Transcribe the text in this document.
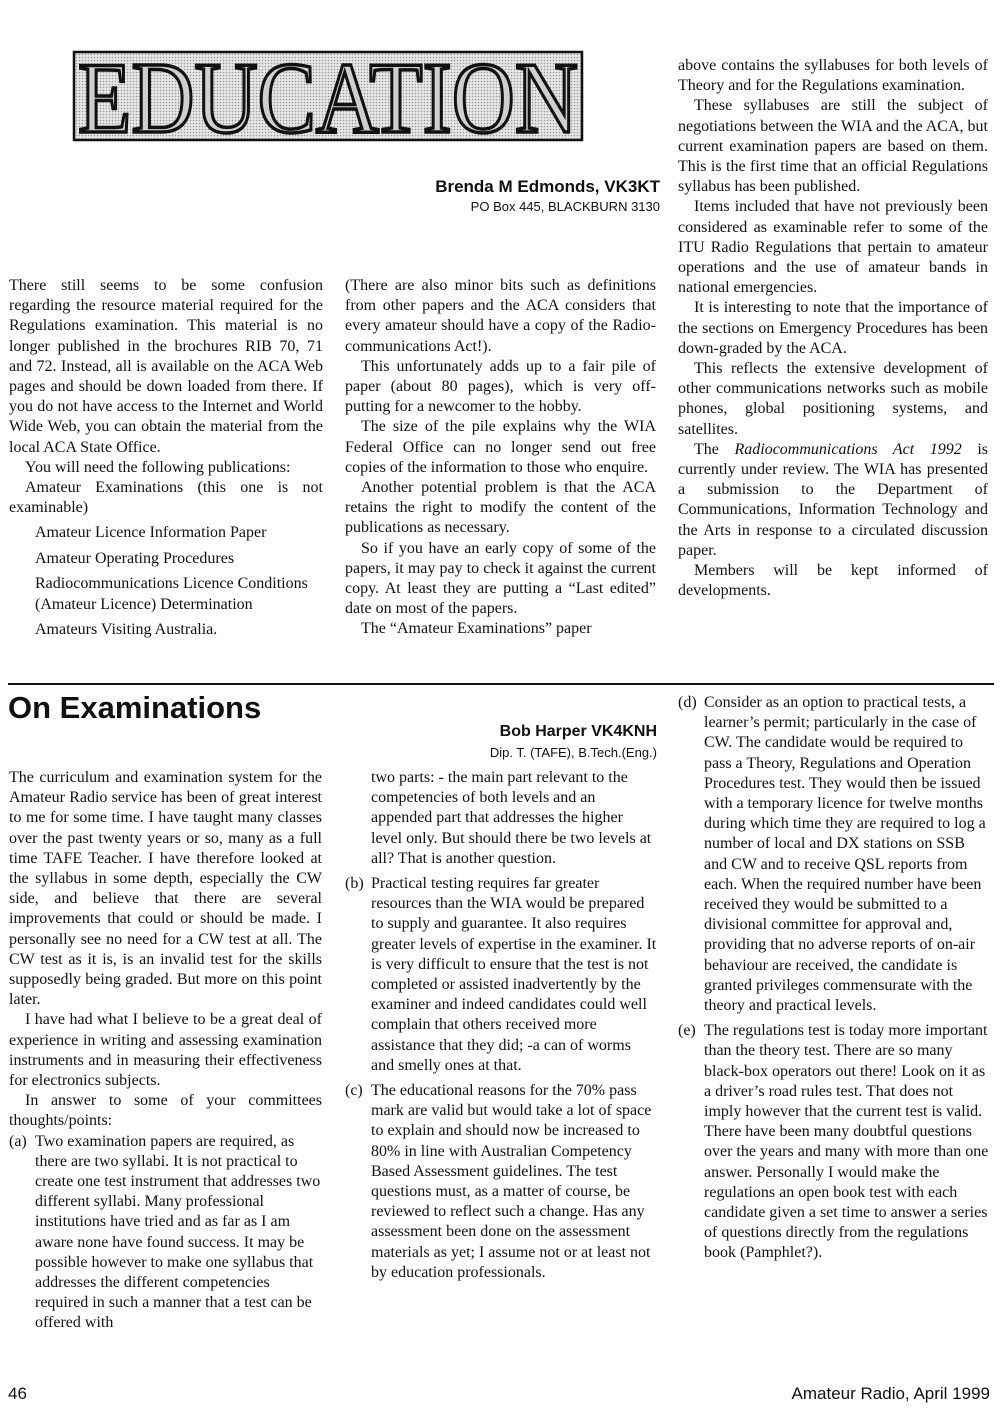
EDUCATION
Brenda M Edmonds, VK3KT
PO Box 445, BLACKBURN 3130

There still seems to be some confusion regarding the resource material required for the Regulations examination. This material is no longer published in the brochures RIB 70, 71 and 72. Instead, all is available on the ACA Web pages and should be down loaded from there. If you do not have access to the Internet and World Wide Web, you can obtain the material from the local ACA State Office.

You will need the following publications:

Amateur Examinations (this one is not examinable)

Amateur Licence Information Paper
Amateur Operating Procedures
Radiocommunications Licence Conditions (Amateur Licence) Determination
Amateurs Visiting Australia.

(There are also minor bits such as definitions from other papers and the ACA considers that every amateur should have a copy of the Radio-communications Act!).

This unfortunately adds up to a fair pile of paper (about 80 pages), which is very off-putting for a newcomer to the hobby.

The size of the pile explains why the WIA Federal Office can no longer send out free copies of the information to those who enquire.

Another potential problem is that the ACA retains the right to modify the content of the publications as necessary.

So if you have an early copy of some of the papers, it may pay to check it against the current copy. At least they are putting a “Last edited” date on most of the papers.

The “Amateur Examinations” paper

above contains the syllabuses for both levels of Theory and for the Regulations examination.

These syllabuses are still the subject of negotiations between the WIA and the ACA, but current examination papers are based on them. This is the first time that an official Regulations syllabus has been published.

Items included that have not previously been considered as examinable refer to some of the ITU Radio Regulations that pertain to amateur operations and the use of amateur bands in national emergencies.

It is interesting to note that the importance of the sections on Emergency Procedures has been down-graded by the ACA.

This reflects the extensive development of other communications networks such as mobile phones, global positioning systems, and satellites.

The Radiocommunications Act 1992 is currently under review. The WIA has presented a submission to the Department of Communications, Information Technology and the Arts in response to a circulated discussion paper.

Members will be kept informed of developments.

On Examinations
Bob Harper VK4KNH
Dip. T. (TAFE), B.Tech.(Eng.)

The curriculum and examination system for the Amateur Radio service has been of great interest to me for some time. I have taught many classes over the past twenty years or so, many as a full time TAFE Teacher. I have therefore looked at the syllabus in some depth, especially the CW side, and believe that there are several improvements that could or should be made. I personally see no need for a CW test at all. The CW test as it is, is an invalid test for the skills supposedly being graded. But more on this point later.

I have had what I believe to be a great deal of experience in writing and assessing examination instruments and in measuring their effectiveness for electronics subjects.

In answer to some of your committees thoughts/points:

(a) Two examination papers are required, as there are two syllabi. It is not practical to create one test instrument that addresses two different syllabi. Many professional institutions have tried and as far as I am aware none have found success. It may be possible however to make one syllabus that addresses the different competencies required in such a manner that a test can be offered with
two parts: - the main part relevant to the competencies of both levels and an appended part that addresses the higher level only. But should there be two levels at all? That is another question.
(b) Practical testing requires far greater resources than the WIA would be prepared to supply and guarantee. It also requires greater levels of expertise in the examiner. It is very difficult to ensure that the test is not completed or assisted inadvertently by the examiner and indeed candidates could well complain that others received more assistance that they did; -a can of worms and smelly ones at that.
(c) The educational reasons for the 70% pass mark are valid but would take a lot of space to explain and should now be increased to 80% in line with Australian Competency Based Assessment guidelines. The test questions must, as a matter of course, be reviewed to reflect such a change. Has any assessment been done on the assessment materials as yet; I assume not or at least not by education professionals.
(d) Consider as an option to practical tests, a learner’s permit; particularly in the case of CW. The candidate would be required to pass a Theory, Regulations and Operation Procedures test. They would then be issued with a temporary licence for twelve months during which time they are required to log a number of local and DX stations on SSB and CW and to receive QSL reports from each. When the required number have been received they would be submitted to a divisional committee for approval and, providing that no adverse reports of on-air behaviour are received, the candidate is granted privileges commensurate with the theory and practical levels.
(e) The regulations test is today more important than the theory test. There are so many black-box operators out there! Look on it as a driver’s road rules test. That does not imply however that the current test is valid. There have been many doubtful questions over the years and many with more than one answer. Personally I would make the regulations an open book test with each candidate given a set time to answer a series of questions directly from the regulations book (Pamphlet?).
46	Amateur Radio, April 1999
